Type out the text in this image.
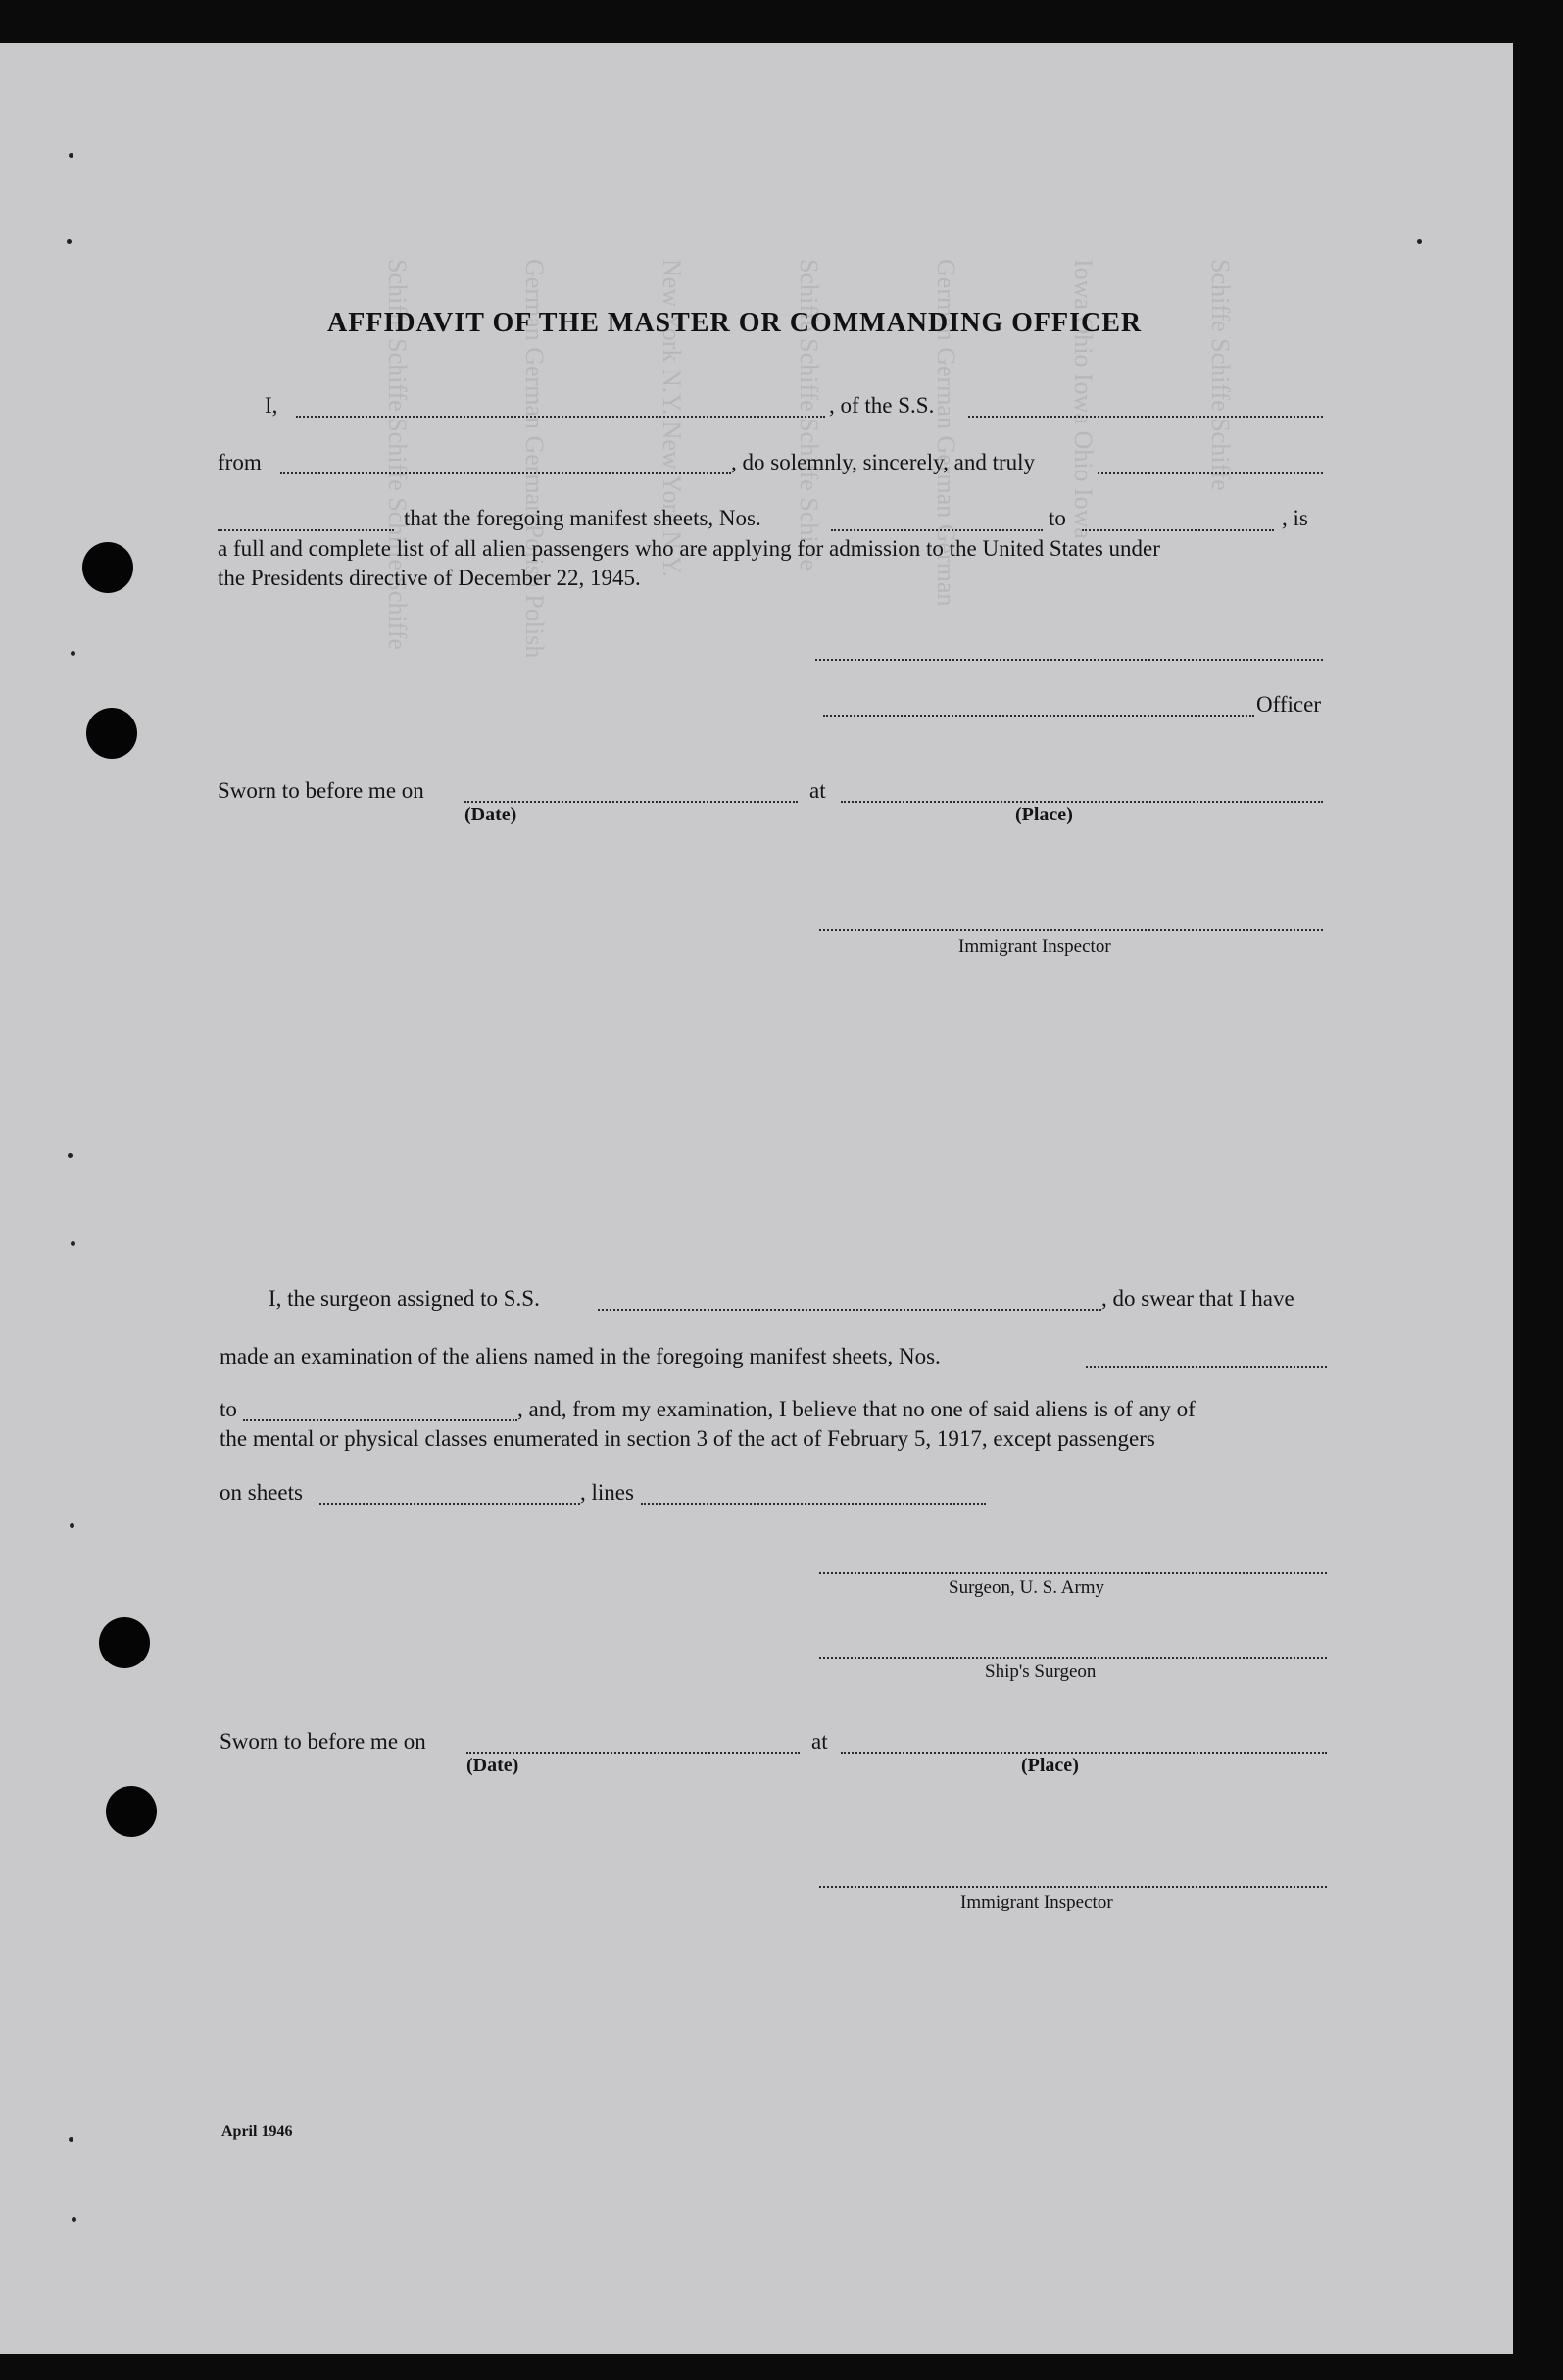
Schiffe Schiffe Schiffe Schiffe Schiffe	German German German Polish Polish	New York N.Y. New York N.Y.	Schiffe Schiffe Schiffe Schiffe	German German German German	Iowa Ohio Iowa Ohio Iowa	Schiffe Schiffe Schiffe
AFFIDAVIT OF THE MASTER OR COMMANDING OFFICER
I,	, of the S.S.
from	, do solemnly, sincerely, and truly
that the foregoing manifest sheets, Nos.	to	, is
a full and complete list of all alien passengers who are applying for admission to the United States under
the Presidents directive of December 22, 1945.
Officer
Sworn to before me on	at
(Date)	(Place)
Immigrant Inspector
I, the surgeon assigned to S.S.	, do swear that I have
made an examination of the aliens named in the foregoing manifest sheets, Nos.
to	, and, from my examination, I believe that no one of said aliens is of any of
the mental or physical classes enumerated in section 3 of the act of February 5, 1917, except passengers
on sheets	, lines
Surgeon, U. S. Army
Ship's Surgeon
Sworn to before me on	at
(Date)	(Place)
Immigrant Inspector
April 1946
